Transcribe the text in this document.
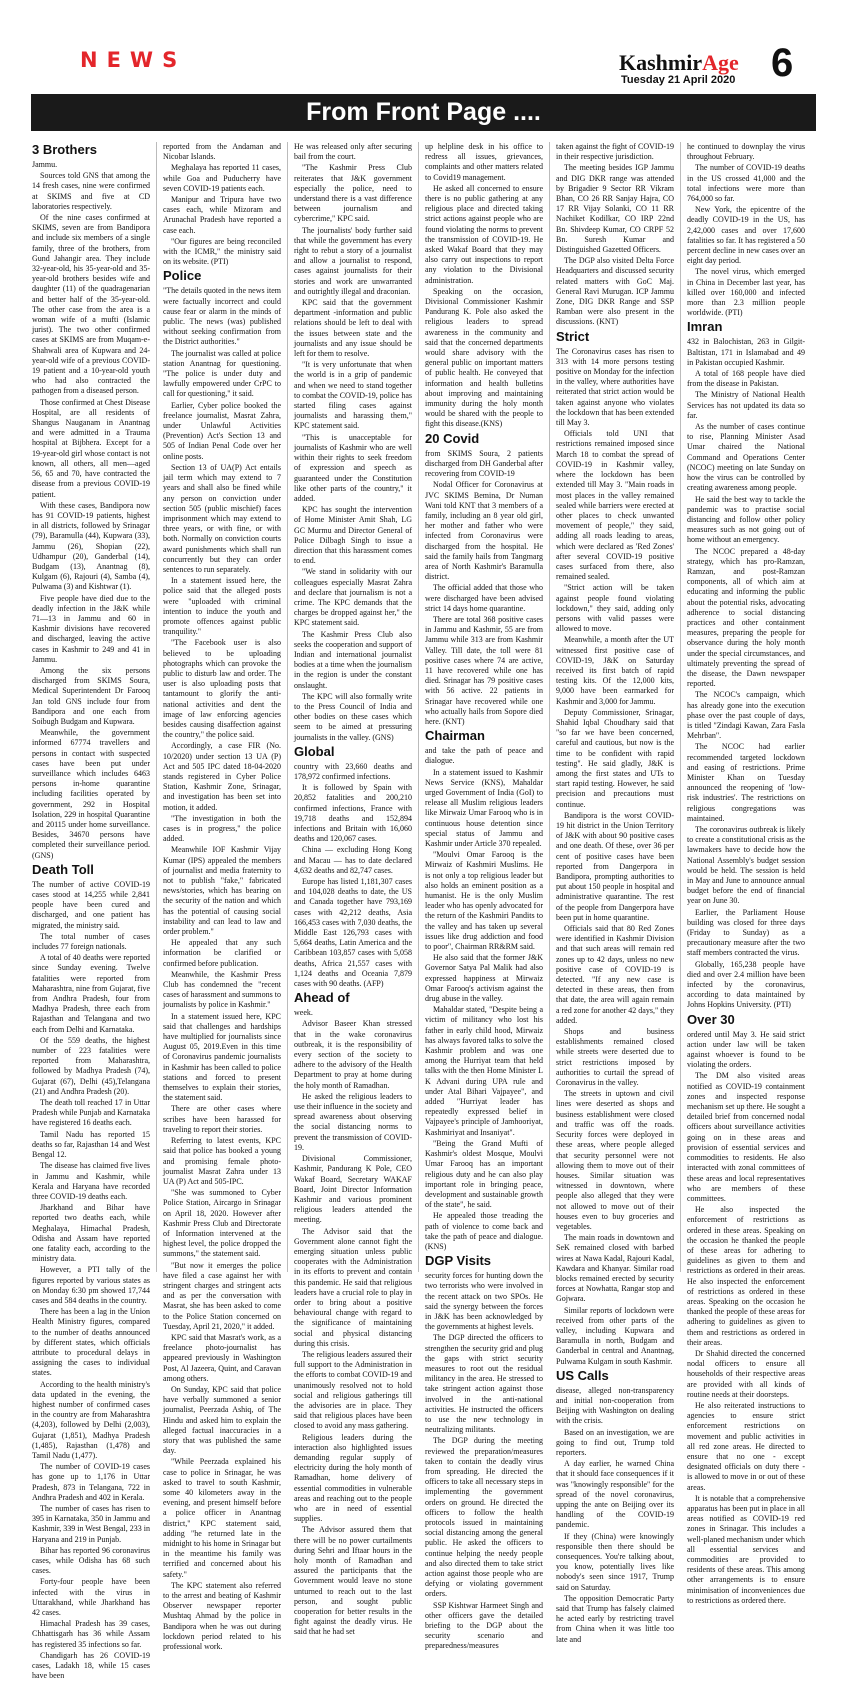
NEWS	KashmirAge
Tuesday 21 April 2020 6
From Front Page ....
3 Brothers

Jammu.

Sources told GNS that among the 14 fresh cases, nine were confirmed at SKIMS and five at CD laboratories respectively.

Of the nine cases confirmed at SKIMS, seven are from Bandipora and include six members of a single family, three of the brothers, from Gund Jahangir area. They include 32-year-old, his 35-year-old and 35-year-old brothers besides wife and daughter (11) of the quadragenarian and better half of the 35-year-old. The other case from the area is a woman wife of a mufti (Islamic jurist). The two other confirmed cases at SKIMS are from Muqam-e-Shahwali area of Kupwara and 24-year-old wife of a previous COVID-19 patient and a 10-year-old youth who had also contracted the pathogen from a diseased person.

Those confirmed at Chest Disease Hospital, are all residents of Shangus Nauganam in Anantnag and were admitted in a Trauma hospital at Bijbhera. Except for a 19-year-old girl whose contact is not known, all others, all men—aged 56, 65 and 70, have contracted the disease from a previous COVID-19 patient.

With these cases, Bandipora now has 91 COVID-19 patients, highest in all districts, followed by Srinagar (79), Baramulla (44), Kupwara (33), Jammu (26), Shopian (22), Udhampur (20), Ganderbal (14), Budgam (13), Anantnag (8), Kulgam (6), Rajouri (4), Samba (4), Pulwama (3) and Kishtwar (1).

Five people have died due to the deadly infection in the J&K while 71—13 in Jammu and 60 in Kashmir divisions have recovered and discharged, leaving the active cases in Kashmir to 249 and 41 in Jammu.

Among the six persons discharged from SKIMS Soura, Medical Superintendent Dr Farooq Jan told GNS include four from Bandipora and one each from Soibugh Budgam and Kupwara.

Meanwhile, the government informed 67774 travellers and persons in contact with suspected cases have been put under surveillance which includes 6463 persons in-home quarantine including facilities operated by government, 292 in Hospital Isolation, 229 in hospital Quarantine and 20115 under home surveillance. Besides, 34670 persons have completed their surveillance period. (GNS)

Death Toll

The number of active COVID-19 cases stood at 14,255 while 2,841 people have been cured and discharged, and one patient has migrated, the ministry said.

The total number of cases includes 77 foreign nationals.

A total of 40 deaths were reported since Sunday evening. Twelve fatalities were reported from Maharashtra, nine from Gujarat, five from Andhra Pradesh, four from Madhya Pradesh, three each from Rajasthan and Telangana and two each from Delhi and Karnataka.

Of the 559 deaths, the highest number of 223 fatalities were reported from Maharashtra, followed by Madhya Pradesh (74), Gujarat (67), Delhi (45),Telangana (21) and Andhra Pradesh (20).

The death toll reached 17 in Uttar Pradesh while Punjab and Karnataka have registered 16 deaths each.

Tamil Nadu has reported 15 deaths so far, Rajasthan 14 and West Bengal 12.

The disease has claimed five lives in Jammu and Kashmir, while Kerala and Haryana have recorded three COVID-19 deaths each.

Jharkhand and Bihar have reported two deaths each, while Meghalaya, Himachal Pradesh, Odisha and Assam have reported one fatality each, according to the ministry data.

However, a PTI tally of the figures reported by various states as on Monday 6:30 pm showed 17,744 cases and 584 deaths in the country.

There has been a lag in the Union Health Ministry figures, compared to the number of deaths announced by different states, which officials attribute to procedural delays in assigning the cases to individual states.

According to the health ministry's data updated in the evening, the highest number of confirmed cases in the country are from Maharashtra (4,203), followed by Delhi (2,003), Gujarat (1,851), Madhya Pradesh (1,485), Rajasthan (1,478) and Tamil Nadu (1,477).

The number of COVID-19 cases has gone up to 1,176 in Uttar Pradesh, 873 in Telangana, 722 in Andhra Pradesh and 402 in Kerala.

The number of cases has risen to 395 in Karnataka, 350 in Jammu and Kashmir, 339 in West Bengal, 233 in Haryana and 219 in Punjab.

Bihar has reported 96 coronavirus cases, while Odisha has 68 such cases.

Forty-four people have been infected with the virus in Uttarakhand, while Jharkhand has 42 cases.

Himachal Pradesh has 39 cases, Chhattisgarh has 36 while Assam has registered 35 infections so far.

Chandigarh has 26 COVID-19 cases, Ladakh 18, while 15 cases have been

reported from the Andaman and Nicobar Islands.

Meghalaya has reported 11 cases, while Goa and Puducherry have seven COVID-19 patients each.

Manipur and Tripura have two cases each, while Mizoram and Arunachal Pradesh have reported a case each.

"Our figures are being reconciled with the ICMR," the ministry said on its website. (PTI)

Police

"The details quoted in the news item were factually incorrect and could cause fear or alarm in the minds of public. The news (was) published without seeking confirmation from the District authorities."

The journalist was called at police station Anantnag for questioning. "The police is under duty and lawfully empowered under CrPC to call for questioning," it said.

Earlier, Cyber police booked the freelance journalist, Masrat Zahra, under Unlawful Activities (Prevention) Act's Section 13 and 505 of Indian Penal Code over her online posts.

Section 13 of UA(P) Act entails jail term which may extend to 7 years and shall also be fined while any person on conviction under section 505 (public mischief) faces imprisonment which may extend to three years, or with fine, or with both. Normally on conviction courts award punishments which shall run concurrently but they can order sentences to run separately.

In a statement issued here, the police said that the alleged posts were "uploaded with criminal intention to induce the youth and promote offences against public tranquility."

"The Facebook user is also believed to be uploading photographs which can provoke the public to disturb law and order. The user is also uploading posts that tantamount to glorify the anti-national activities and dent the image of law enforcing agencies besides causing disaffection against the country," the police said.

Accordingly, a case FIR (No. 10/2020) under section 13 UA (P) Act and 505 IPC dated 18-04-2020 stands registered in Cyber Police Station, Kashmir Zone, Srinagar, and investigation has been set into motion, it added.

"The investigation in both the cases is in progress," the police added.

Meanwhile IOF Kashmir Vijay Kumar (IPS) appealed the members of journalist and media fraternity to not to publish "fake," fabricated news/stories, which has bearing on the security of the nation and which has the potential of causing social instability and can lead to law and order problem."

He appealed that any such information be clarified or confirmed before publication.

Meanwhile, the Kashmir Press Club has condemned the "recent cases of harassment and summons to journalists by police in Kashmir."

In a statement issued here, KPC said that challenges and hardships have multiplied for journalists since August 05, 2019.Even in this time of Coronavirus pandemic journalists in Kashmir has been called to police stations and forced to present themselves to explain their stories, the statement said.

There are other cases where scribes have been harassed for traveling to report their stories.

Referring to latest events, KPC said that police has booked a young and promising female photo-journalist Masrat Zahra under 13 UA (P) Act and 505-IPC.

"She was summoned to Cyber Police Station, Aircargo in Srinagar on April 18, 2020. However after Kashmir Press Club and Directorate of Information intervened at the highest level, the police dropped the summons," the statement said.

"But now it emerges the police have filed a case against her with stringent charges and stringent acts and as per the conversation with Masrat, she has been asked to come to the Police Station concerned on Tuesday, April 21, 2020," it added.

KPC said that Masrat's work, as a freelance photo-journalist has appeared previously in Washington Post, Al Jazeera, Quint, and Caravan among others.

On Sunday, KPC said that police have verbally summoned a senior journalist, Peerzada Ashiq, of The Hindu and asked him to explain the alleged factual inaccuracies in a story that was published the same day.

"While Peerzada explained his case to police in Srinagar, he was asked to travel to south Kashmir, some 40 kilometers away in the evening, and present himself before a police officer in Anantnag district," KPC statement said, adding "he returned late in the midnight to his home in Srinagar but in the meantime his family was terrified and concerned about his safety."

The KPC statement also referred to the arrest and beating of Kashmir Observer newspaper reporter Mushtaq Ahmad by the police in Bandipora when he was out during lockdown period related to his professional work.

He was released only after securing bail from the court.

"The Kashmir Press Club reiterates that J&K government especially the police, need to understand there is a vast difference between journalism and cybercrime," KPC said.

The journalists' body further said that while the government has every right to rebut a story of a journalist and allow a journalist to respond, cases against journalists for their stories and work are unwarranted and outrightly illegal and draconian.

KPC said that the government department -information and public relations should be left to deal with the issues between state and the journalists and any issue should be left for them to resolve.

"It is very unfortunate that when the world is in a grip of pandemic and when we need to stand together to combat the COVID-19, police has started filing cases against journalists and harassing them," KPC statement said.

"This is unacceptable for journalists of Kashmir who are well within their rights to seek freedom of expression and speech as guaranteed under the Constitution like other parts of the country," it added.

KPC has sought the intervention of Home Minister Amit Shah, LG GC Murmu and Director General of Police Dilbagh Singh to issue a direction that this harassment comes to end.

"We stand in solidarity with our colleagues especially Masrat Zahra and declare that journalism is not a crime. The KPC demands that the charges be dropped against her," the KPC statement said.

The Kashmir Press Club also seeks the cooperation and support of Indian and international journalist bodies at a time when the journalism in the region is under the constant onslaught.

The KPC will also formally write to the Press Council of India and other bodies on these cases which seem to be aimed at pressuring journalists in the valley. (GNS)

Global

country with 23,660 deaths and 178,972 confirmed infections.

It is followed by Spain with 20,852 fatalities and 200,210 confirmed infections, France with 19,718 deaths and 152,894 infections and Britain with 16,060 deaths and 120,067 cases.

China — excluding Hong Kong and Macau — has to date declared 4,632 deaths and 82,747 cases.

Europe has listed 1,181,307 cases and 104,028 deaths to date, the US and Canada together have 793,169 cases with 42,212 deaths, Asia 166,453 cases with 7,030 deaths, the Middle East 126,793 cases with 5,664 deaths, Latin America and the Caribbean 103,857 cases with 5,058 deaths, Africa 21,557 cases with 1,124 deaths and Oceania 7,879 cases with 90 deaths. (AFP)

Ahead of

week.

Advisor Baseer Khan stressed that in the wake coronavirus outbreak, it is the responsibility of every section of the society to adhere to the advisory of the Health Department to pray at home during the holy month of Ramadhan.

He asked the religious leaders to use their influence in the society and spread awareness about observing the social distancing norms to prevent the transmission of COVID-19.

Divisional Commissioner, Kashmir, Pandurang K Pole, CEO Wakaf Board, Secretary WAKAF Board, Joint Director Information Kashmir and various prominent religious leaders attended the meeting.

The Advisor said that the Government alone cannot fight the emerging situation unless public cooperates with the Administration in its efforts to prevent and contain this pandemic. He said that religious leaders have a crucial role to play in order to bring about a positive behavioural change with regard to the significance of maintaining social and physical distancing during this crisis.

The religious leaders assured their full support to the Administration in the efforts to combat COVID-19 and unanimously resolved not to hold social and religious gatherings till the advisories are in place. They said that religious places have been closed to avoid any mass gathering.

Religious leaders during the interaction also highlighted issues demanding regular supply of electricity during the holy month of Ramadhan, home delivery of essential commodities in vulnerable areas and reaching out to the people who are in need of essential supplies.

The Advisor assured them that there will be no power curtailments during Sehri and Iftaar hours in the holy month of Ramadhan and assured the participants that the Government would leave no stone unturned to reach out to the last person, and sought public cooperation for better results in the fight against the deadly virus. He said that he had set

up helpline desk in his office to redress all issues, grievances, complaints and other matters related to Covid19 management.

He asked all concerned to ensure there is no public gathering at any religious place and directed taking strict actions against people who are found violating the norms to prevent the transmission of COVID-19. He asked Wakaf Board that they may also carry out inspections to report any violation to the Divisional administration.

Speaking on the occasion, Divisional Commissioner Kashmir Pandurang K. Pole also asked the religious leaders to spread awareness in the community and said that the concerned departments would share advisory with the general public on important matters of public health. He conveyed that information and health bulletins about improving and maintaining immunity during the holy month would be shared with the people to fight this disease.(KNS)

20 Covid

from SKIMS Soura, 2 patients discharged from DH Ganderbal after recovering from COVID-19

Nodal Officer for Coronavirus at JVC SKIMS Bemina, Dr Numan Wani told KNT that 3 members of a family, including an 8 year old girl, her mother and father who were infected from Coronavirus were discharged from the hospital. He said the family hails from Tangmarg area of North Kashmir's Baramulla district.

The official added that those who were discharged have been advised strict 14 days home quarantine.

There are total 368 positive cases in Jammu and Kashmir, 55 are from Jammu while 313 are from Kashmir Valley. Till date, the toll were 81 positive cases where 74 are active, 11 have recovered while one has died. Srinagar has 79 positive cases with 56 active. 22 patients in Srinagar have recovered while one who actually hails from Sopore died here. (KNT)

Chairman

and take the path of peace and dialogue.

In a statement issued to Kashmir News Service (KNS), Mahaldar urged Government of India (GoI) to release all Muslim religious leaders like Mirwaiz Umar Farooq who is in continuous house detention since special status of Jammu and Kashmir under Article 370 repealed.

"Moulvi Omar Farooq is the Mirwaiz of Kashmiri Muslims. He is not only a top religious leader but also holds an eminent position as a humanist. He is the only Muslim leader who has openly advocated for the return of the Kashmiri Pandits to the valley and has taken up several issues like drug addiction and food to poor", Chairman RR&RM said.

He also said that the former J&K Governor Satya Pal Malik had also expressed happiness at Mirwaiz Omar Farooq's activism against the drug abuse in the valley.

Mahaldar stated, "Despite being a victim of militancy who lost his father in early child hood, Mirwaiz has always favored talks to solve the Kashmir problem and was one among the Hurriyat team that held talks with the then Home Minister L K Advani during UPA rule and under Atal Bihari Vajpayee", and added "Hurriyat leader has repeatedly expressed belief in Vajpayee's principle of Jamhooriyat, Kashmiriyat and Insaniyat".

"Being the Grand Mufti of Kashmir's oldest Mosque, Moulvi Umar Farooq has an important religious duty and he can also play important role in bringing peace, development and sustainable growth of the state", he said.

He appealed those treading the path of violence to come back and take the path of peace and dialogue. (KNS)

DGP Visits

security forces for hunting down the two terrorists who were involved in the recent attack on two SPOs. He said the synergy between the forces in J&K has been acknowledged by the governments at highest levels.

The DGP directed the officers to strengthen the security grid and plug the gaps with strict security measures to root out the residual militancy in the area. He stressed to take stringent action against those involved in the anti-national activities. He instructed the officers to use the new technology in neutralizing militants.

The DGP during the meeting reviewed the preparation/measures taken to contain the deadly virus from spreading. He directed the officers to take all necessary steps in implementing the government orders on ground. He directed the officers to follow the health protocols issued in maintaining social distancing among the general public. He asked the officers to continue helping the needy people and also directed them to take strict action against those people who are defying or violating government orders.

SSP Kishtwar Harmeet Singh and other officers gave the detailed briefing to the DGP about the security scenario and preparedness/measures

taken against the fight of COVID-19 in their respective jurisdiction.

The meeting besides IGP Jammu and DIG DKR range was attended by Brigadier 9 Sector RR Vikram Bhan, CO 26 RR Sanjay Hajra, CO 17 RR Vijay Solanki, CO 11 RR Nachiket Kodilkar, CO IRP 22nd Bn. Shivdeep Kumar, CO CRPF 52 Bn. Suresh Kumar and Distinguished Gazetted Officers.

The DGP also visited Delta Force Headquarters and discussed security related matters with GoC Maj. General Ravi Murugan. ICP Jammu Zone, DIG DKR Range and SSP Ramban were also present in the discussions. (KNT)

Strict

The Coronavirus cases has risen to 313 with 14 more persons testing positive on Monday for the infection in the valley, where authorities have reiterated that strict action would be taken against anyone who violates the lockdown that has been extended till May 3.

Officials told UNI that restrictions remained imposed since March 18 to combat the spread of COVID-19 in Kashmir valley, where the lockdown has been extended till May 3. "Main roads in most places in the valley remained sealed while barriers were erected at other places to check unwanted movement of people," they said, adding all roads leading to areas, which were declared as 'Red Zones' after several COVID-19 positive cases surfaced from there, also remained sealed.

"Strict action will be taken against people found violating lockdown," they said, adding only persons with valid passes were allowed to move.

Meanwhile, a month after the UT witnessed first positive case of COVID-19, J&K on Saturday received its first batch of rapid testing kits. Of the 12,000 kits, 9,000 have been earmarked for Kashmir and 3,000 for Jammu.

Deputy Commissioner, Srinagar, Shahid Iqbal Choudhary said that "so far we have been concerned, careful and cautious, but now is the time to be confident with rapid testing". He said gladly, J&K is among the first states and UTs to start rapid testing. However, he said precision and precautions must continue.

Bandipora is the worst COVID-19 hit district in the Union Territory of J&K with about 90 positive cases and one death. Of these, over 36 per cent of positive cases have been reported from Dangerpora in Bandipora, prompting authorities to put about 150 people in hospital and administrative quarantine. The rest of the people from Dangerpora have been put in home quarantine.

Officials said that 80 Red Zones were identified in Kashmir Division and that such areas will remain red zones up to 42 days, unless no new positive case of COVID-19 is detected. "If any new case is detected in these areas, then from that date, the area will again remain a red zone for another 42 days," they added.

Shops and business establishments remained closed while streets were deserted due to strict restrictions imposed by authorities to curtail the spread of Coronavirus in the valley.

The streets in uptown and civil lines were deserted as shops and business establishment were closed and traffic was off the roads. Security forces were deployed in these areas, where people alleged that security personnel were not allowing them to move out of their houses. Similar situation was witnessed in downtown, where people also alleged that they were not allowed to move out of their houses even to buy groceries and vegetables.

The main roads in downtown and SeK remained closed with barbed wires at Nawa Kadal, Rajouri Kadal, Kawdara and Khanyar. Similar road blocks remained erected by security forces at Nowhatta, Rangar stop and Gojwara.

Similar reports of lockdown were received from other parts of the valley, including Kupwara and Baramulla in north, Budgam and Ganderbal in central and Anantnag, Pulwama Kulgam in south Kashmir.

US Calls

disease, alleged non-transparency and initial non-cooperation from Beijing with Washington on dealing with the crisis.

Based on an investigation, we are going to find out, Trump told reporters.

A day earlier, he warned China that it should face consequences if it was "knowingly responsible" for the spread of the novel coronavirus, upping the ante on Beijing over its handling of the COVID-19 pandemic.

If they (China) were knowingly responsible then there should be consequences. You're talking about, you know, potentially lives like nobody's seen since 1917, Trump said on Saturday.

The opposition Democratic Party said that Trump has falsely claimed he acted early by restricting travel from China when it was little too late and

he continued to downplay the virus throughout February.

The number of COVID-19 deaths in the US crossed 41,000 and the total infections were more than 764,000 so far.

New York, the epicentre of the deadly COVID-19 in the US, has 2,42,000 cases and over 17,600 fatalities so far. It has registered a 50 percent decline in new cases over an eight day period.

The novel virus, which emerged in China in December last year, has killed over 160,000 and infected more than 2.3 million people worldwide. (PTI)

Imran

432 in Balochistan, 263 in Gilgit-Baltistan, 171 in Islamabad and 49 in Pakistan occupied Kashmir.

A total of 168 people have died from the disease in Pakistan.

The Ministry of National Health Services has not updated its data so far.

As the number of cases continue to rise, Planning Minister Asad Umar chaired the National Command and Operations Center (NCOC) meeting on late Sunday on how the virus can be controlled by creating awareness among people.

He said the best way to tackle the pandemic was to practise social distancing and follow other policy measures such as not going out of home without an emergency.

The NCOC prepared a 48-day strategy, which has pro-Ramzan, Ramzan, and post-Ramzan components, all of which aim at educating and informing the public about the potential risks, advocating adherence to social distancing practices and other containment measures, preparing the people for observance during the holy month under the special circumstances, and ultimately preventing the spread of the disease, the Dawn newspaper reported.

The NCOC's campaign, which has already gone into the execution phase over the past couple of days, is titled "Zindagi Kawan, Zara Fasla Mehrban".

The NCOC had earlier recommended targeted lockdown and easing of restrictions. Prime Minister Khan on Tuesday announced the reopening of 'low-risk industries'. The restrictions on religious congregations was maintained.

The coronavirus outbreak is likely to create a constitutional crisis as the lawmakers have to decide how the National Assembly's budget session would be held. The session is held in May and June to announce annual budget before the end of financial year on June 30.

Earlier, the Parliament House building was closed for three days (Friday to Sunday) as a precautionary measure after the two staff members contracted the virus.

Globally, 165,238 people have died and over 2.4 million have been infected by the coronavirus, according to data maintained by Johns Hopkins University. (PTI)

Over 30

ordered until May 3. He said strict action under law will be taken against whoever is found to be violating the orders.

The DM also visited areas notified as COVID-19 containment zones and inspected response mechanism set up there. He sought a detailed brief from concerned nodal officers about surveillance activities going on in these areas and provision of essential services and commodities to residents. He also interacted with zonal committees of these areas and local representatives who are members of these committees.

He also inspected the enforcement of restrictions as ordered in these areas. Speaking on the occasion he thanked the people of these areas for adhering to guidelines as given to them and restrictions as ordered in their areas. He also inspected the enforcement of restrictions as ordered in these areas. Speaking on the occasion he thanked the people of these areas for adhering to guidelines as given to them and restrictions as ordered in their areas.

Dr Shahid directed the concerned nodal officers to ensure all households of their respective areas are provided with all kinds of routine needs at their doorsteps.

He also reiterated instructions to agencies to ensure strict enforcement restrictions on movement and public activities in all red zone areas. He directed to ensure that no one - except designated officials on duty there - is allowed to move in or out of these areas.

It is notable that a comprehensive apparatus has been put in place in all areas notified as COVID-19 red zones in Srinagar. This includes a well-planed mechanism under which all essential services and commodities are provided to residents of these areas. This among other arrangements is to ensure minimisation of inconveniences due to restrictions as ordered there.
